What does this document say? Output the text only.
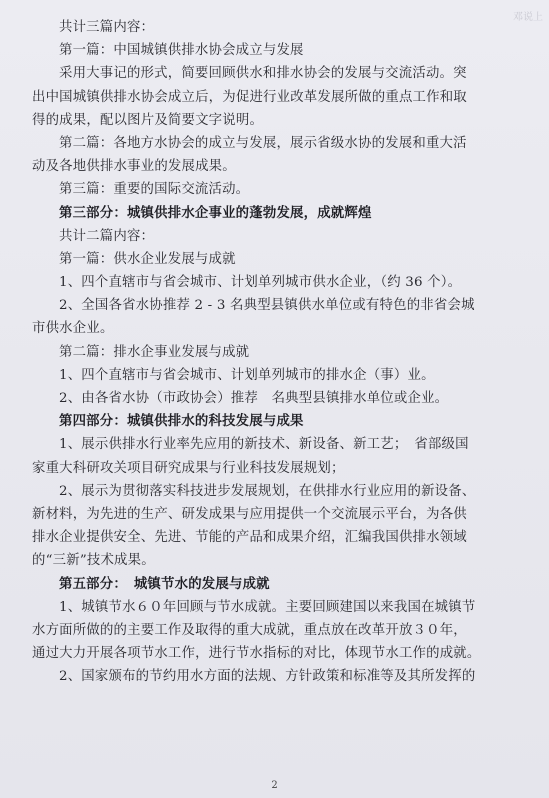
邓说上
共计三篇内容：
第一篇：中国城镇供排水协会成立与发展
采用大事记的形式，简要回顾供水和排水协会的发展与交流活动。突
出中国城镇供排水协会成立后，为促进行业改革发展所做的重点工作和取
得的成果，配以图片及简要文字说明。
第二篇：各地方水协会的成立与发展，展示省级水协的发展和重大活
动及各地供排水事业的发展成果。
第三篇：重要的国际交流活动。
第三部分：城镇供排水企事业的蓬勃发展，成就辉煌
共计二篇内容：
第一篇：供水企业发展与成就
1、四个直辖市与省会城市、计划单列城市供水企业，（约 36 个）。
2、全国各省水协推荐 2 - 3 名典型县镇供水单位或有特色的非省会城
市供水企业。
第二篇：排水企事业发展与成就
1、四个直辖市与省会城市、计划单列城市的排水企（事）业。
2、由各省水协（市政协会）推荐　名典型县镇排水单位或企业。
第四部分：城镇供排水的科技发展与成果
1、展示供排水行业率先应用的新技术、新设备、新工艺；　省部级国
家重大科研攻关项目研究成果与行业科技发展规划；
2、展示为贯彻落实科技进步发展规划，在供排水行业应用的新设备、
新材料，为先进的生产、研发成果与应用提供一个交流展示平台，为各供
排水企业提供安全、先进、节能的产品和成果介绍，汇编我国供排水领域
的“三新”技术成果。
第五部分：　城镇节水的发展与成就
1、城镇节水６０年回顾与节水成就。主要回顾建国以来我国在城镇节
水方面所做的的主要工作及取得的重大成就，重点放在改革开放３０年，
通过大力开展各项节水工作，进行节水指标的对比，体现节水工作的成就。
2、国家颁布的节约用水方面的法规、方针政策和标准等及其所发挥的
2
